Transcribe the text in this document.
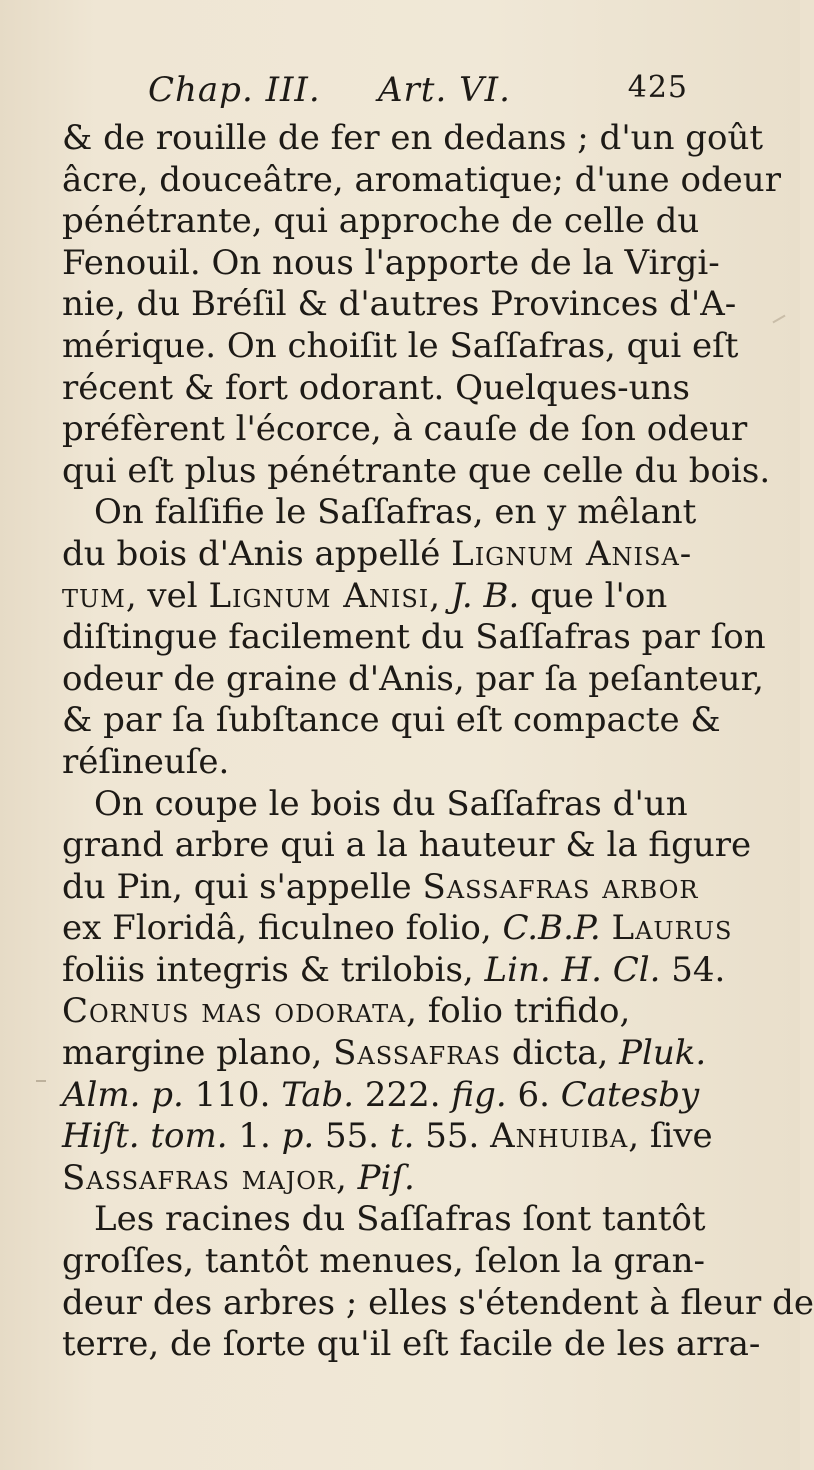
Chap. III. Art. VI.	425
& de rouille de fer en dedans ; d'un goût
âcre, douceâtre, aromatique; d'une odeur
pénétrante, qui approche de celle du
Fenouil. On nous l'apporte de la Virgi-
nie, du Bréſil & d'autres Provinces d'A-
mérique. On choiſit le Saſſafras, qui eſt
récent & fort odorant. Quelques-uns
préfèrent l'écorce, à cauſe de ſon odeur
qui eſt plus pénétrante que celle du bois.
On falſifie le Saſſafras, en y mêlant
du bois d'Anis appellé Lignum Anisa-
tum, vel Lignum Anisi, J. B. que l'on
diſtingue facilement du Saſſafras par ſon
odeur de graine d'Anis, par ſa peſanteur,
& par ſa ſubſtance qui eſt compacte &
réſineuſe.
On coupe le bois du Saſſafras d'un
grand arbre qui a la hauteur & la figure
du Pin, qui s'appelle Sassafras arbor
ex Floridâ, ficulneo folio, C.B.P. Laurus
foliis integris & trilobis, Lin. H. Cl. 54.
Cornus mas odorata, folio trifido,
margine plano, Sassafras dicta, Pluk.
Alm. p. 110. Tab. 222. fig. 6. Catesby
Hiſt. tom. 1. p. 55. t. 55. Anhuiba, ſive
Sassafras major, Piſ.
Les racines du Saſſafras ſont tantôt
groſſes, tantôt menues, ſelon la gran-
deur des arbres ; elles s'étendent à fleur de
terre, de ſorte qu'il eſt facile de les arra-
